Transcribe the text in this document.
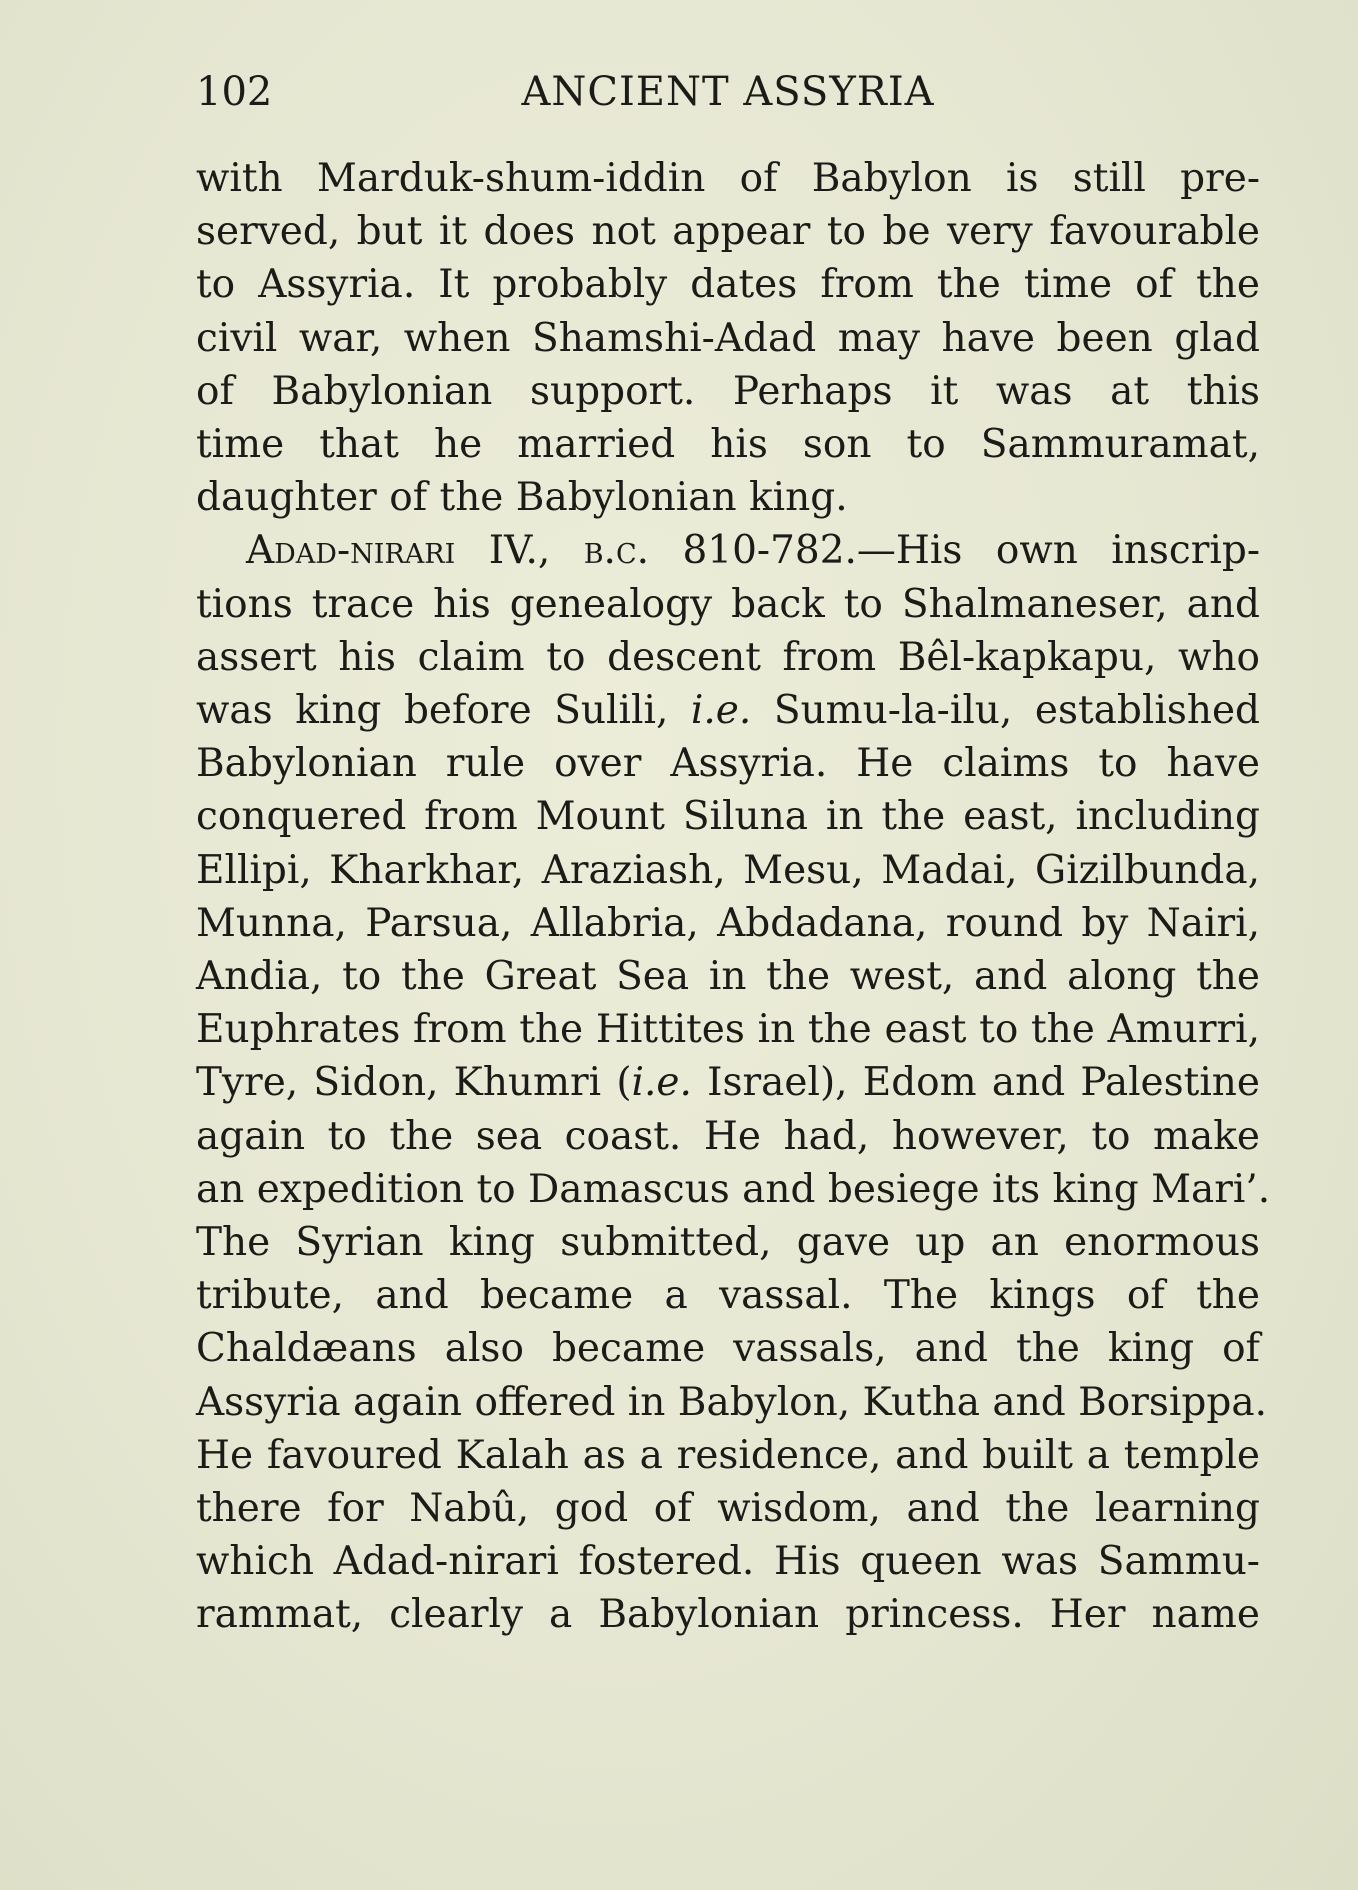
102	ANCIENT ASSYRIA
with Marduk-shum-iddin of Babylon is still pre-
served, but it does not appear to be very favourable
to Assyria. It probably dates from the time of the
civil war, when Shamshi-Adad may have been glad
of Babylonian support. Perhaps it was at this
time that he married his son to Sammuramat,
daughter of the Babylonian king.
Adad-nirari IV., b.c. 810-782.—His own inscrip-
tions trace his genealogy back to Shalmaneser, and
assert his claim to descent from Bêl-kapkapu, who
was king before Sulili, i.e. Sumu-la-ilu, established
Babylonian rule over Assyria. He claims to have
conquered from Mount Siluna in the east, including
Ellipi, Kharkhar, Araziash, Mesu, Madai, Gizilbunda,
Munna, Parsua, Allabria, Abdadana, round by Nairi,
Andia, to the Great Sea in the west, and along the
Euphrates from the Hittites in the east to the Amurri,
Tyre, Sidon, Khumri (i.e. Israel), Edom and Palestine
again to the sea coast. He had, however, to make
an expedition to Damascus and besiege its king Mari’.
The Syrian king submitted, gave up an enormous
tribute, and became a vassal. The kings of the
Chaldæans also became vassals, and the king of
Assyria again offered in Babylon, Kutha and Borsippa.
He favoured Kalah as a residence, and built a temple
there for Nabû, god of wisdom, and the learning
which Adad-nirari fostered. His queen was Sammu-
rammat, clearly a Babylonian princess. Her name
